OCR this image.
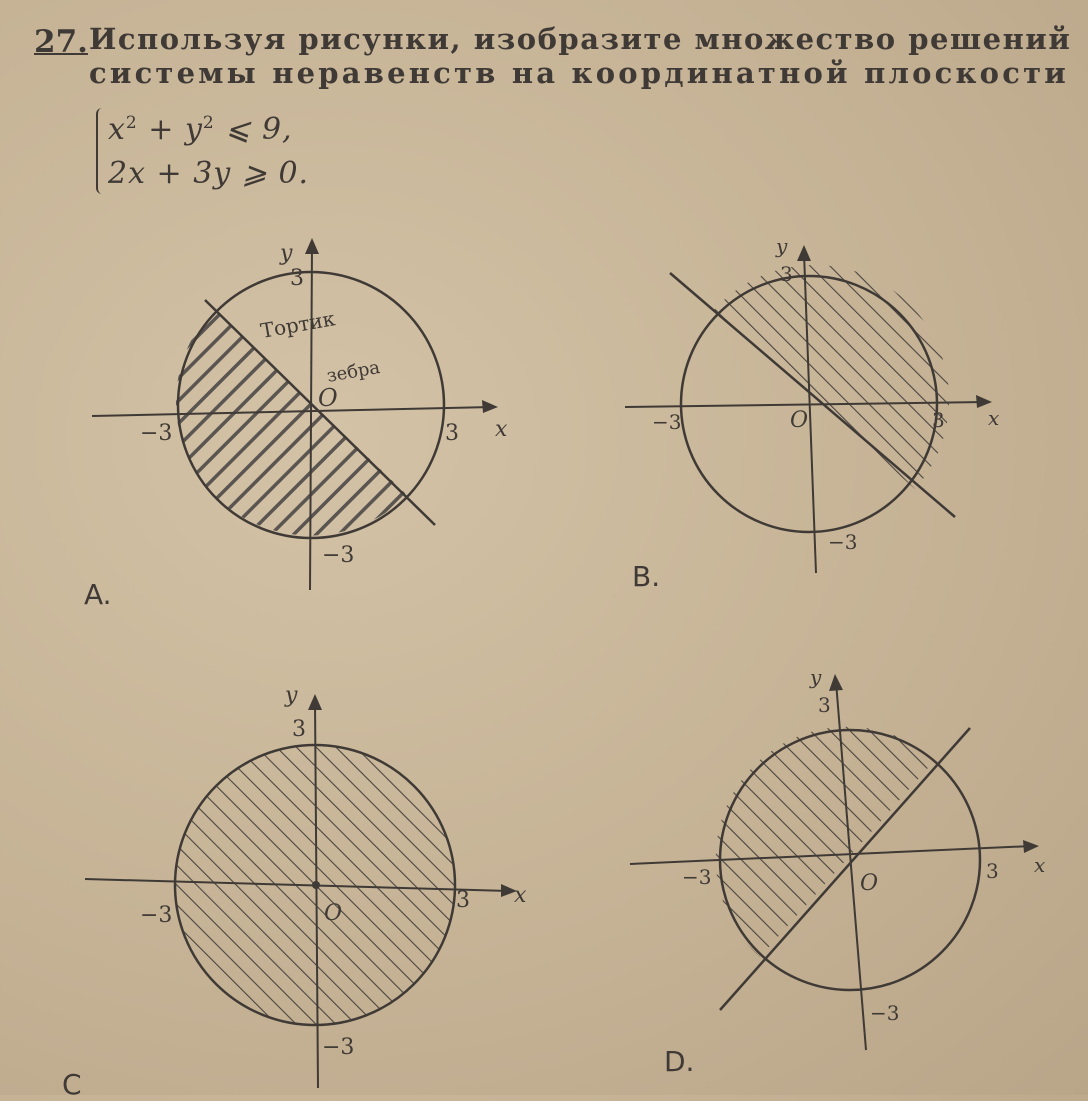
27. Используя рисунки, изобразите множество решений
системы неравенств на координатной плоскости
$x^2 + y^2$ ⩽ 9,
2x + 3y ⩾ 0.
y
3
O
−3	3 x
−3
Тортик
зебра
A.
y
3
O
−3	3 x
−3
B.
y
3
O
−3
3 x
−3
C
y
3
O
−3	3 x
−3
D.
